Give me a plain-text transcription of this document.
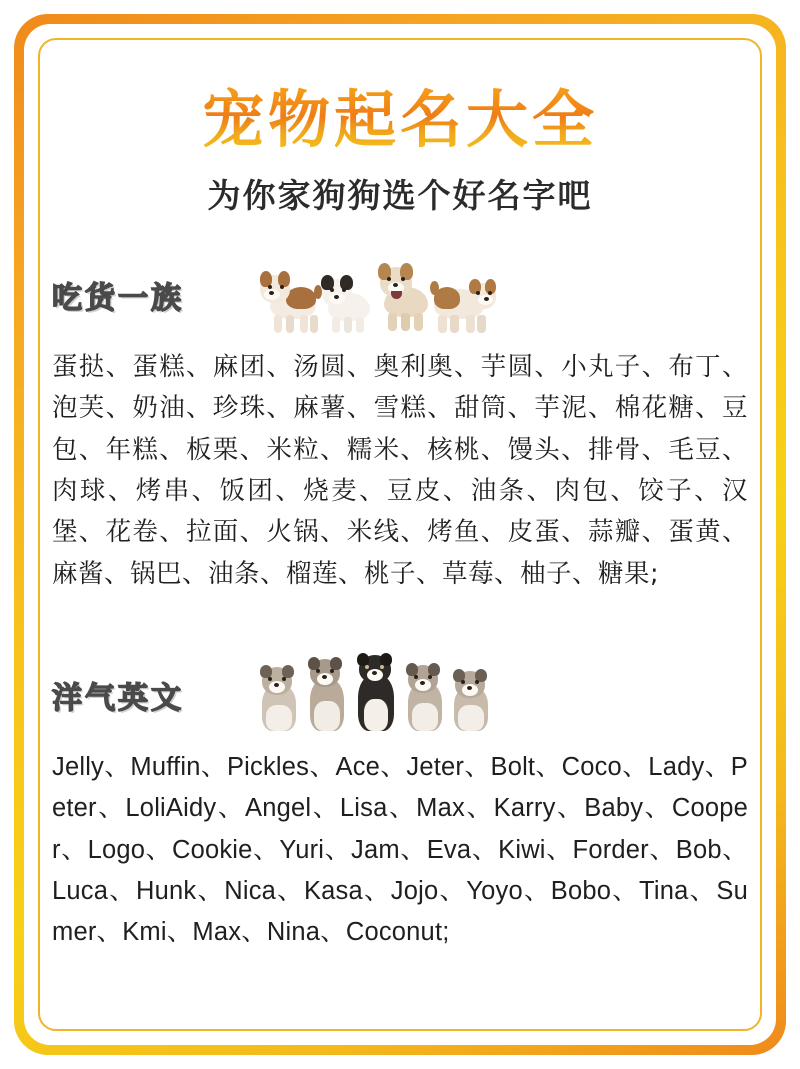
宠物起名大全
为你家狗狗选个好名字吧
吃货一族
蛋挞、蛋糕、麻团、汤圆、奥利奥、芋圆、小丸子、布丁、泡芙、奶油、珍珠、麻薯、雪糕、甜筒、芋泥、棉花糖、豆包、年糕、板栗、米粒、糯米、核桃、馒头、排骨、毛豆、肉球、烤串、饭团、烧麦、豆皮、油条、肉包、饺子、汉堡、花卷、拉面、火锅、米线、烤鱼、皮蛋、蒜瓣、蛋黄、麻酱、锅巴、油条、榴莲、桃子、草莓、柚子、糖果;
洋气英文
Jelly、Muffin、Pickles、Ace、Jeter、Bolt、Coco、Lady、Peter、LoliAidy、Angel、Lisa、Max、Karry、Baby、Cooper、Logo、Cookie、Yuri、Jam、Eva、Kiwi、Forder、Bob、Luca、Hunk、Nica、Kasa、Jojo、Yoyo、Bobo、Tina、Sumer、Kmi、Max、Nina、Coconut;
